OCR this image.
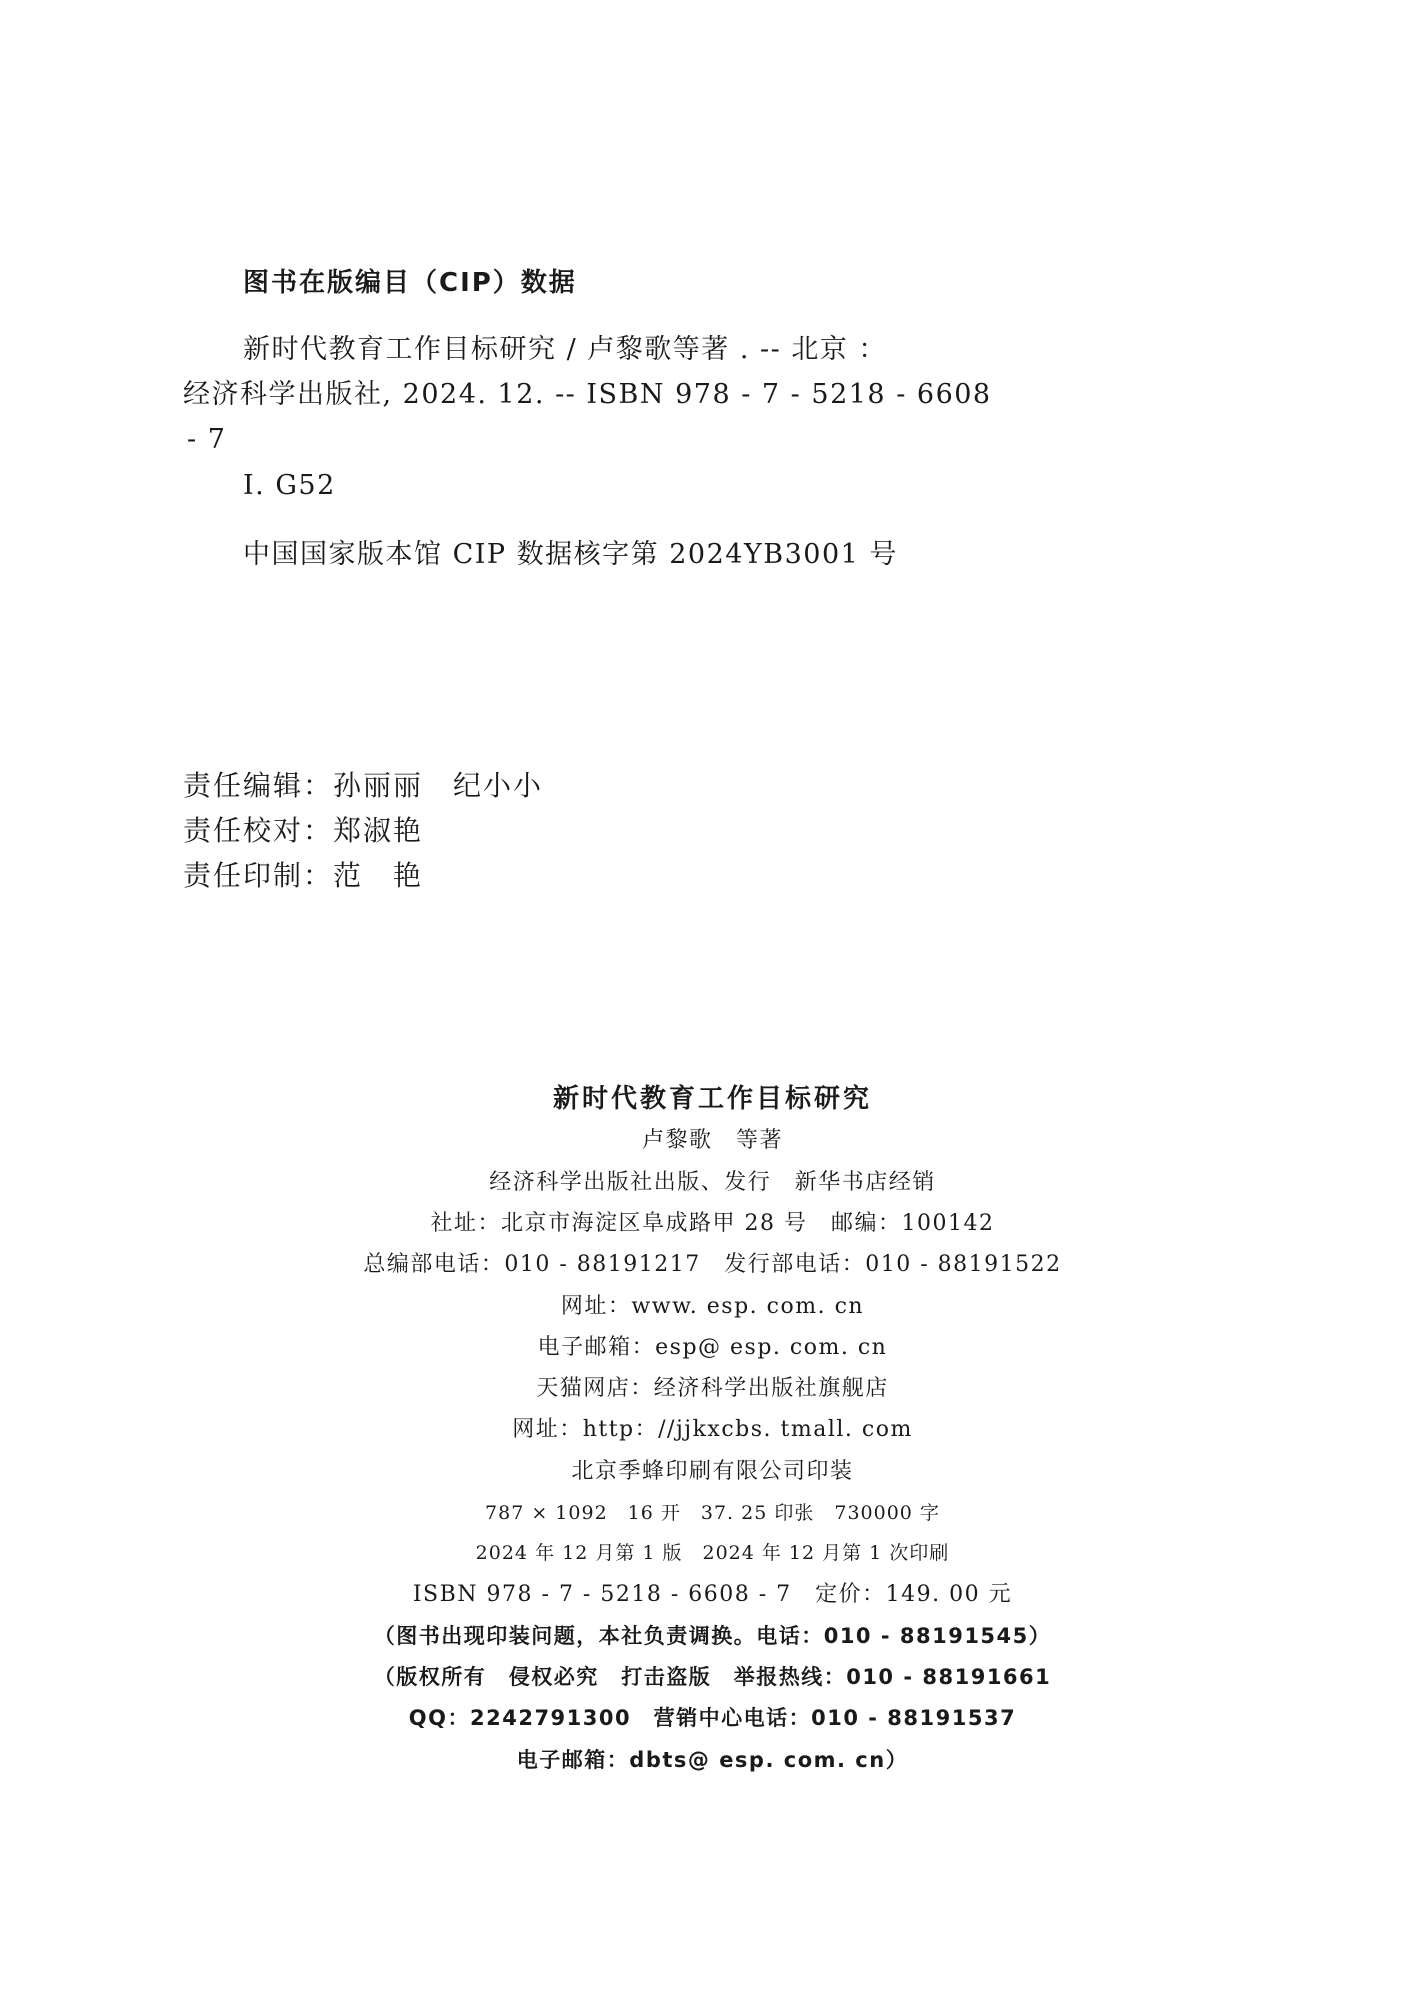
图书在版编目（CIP）数据
新时代教育工作目标研究 / 卢黎歌等著 . -- 北京 ：
经济科学出版社, 2024. 12. -- ISBN 978 - 7 - 5218 - 6608
- 7
Ⅰ. G52
中国国家版本馆 CIP 数据核字第 2024YB3001 号
责任编辑：孙丽丽　纪小小
责任校对：郑淑艳
责任印制：范　艳
新时代教育工作目标研究
卢黎歌　等著
经济科学出版社出版、发行　新华书店经销
社址：北京市海淀区阜成路甲 28 号　邮编：100142
总编部电话：010 - 88191217　发行部电话：010 - 88191522
网址：www. esp. com. cn
电子邮箱：esp@ esp. com. cn
天猫网店：经济科学出版社旗舰店
网址：http：//jjkxcbs. tmall. com
北京季蜂印刷有限公司印装
787 × 1092　16 开　37. 25 印张　730000 字
2024 年 12 月第 1 版　2024 年 12 月第 1 次印刷
ISBN 978 - 7 - 5218 - 6608 - 7　定价：149. 00 元
（图书出现印装问题，本社负责调换。电话：010 - 88191545）
（版权所有　侵权必究　打击盗版　举报热线：010 - 88191661
QQ：2242791300　营销中心电话：010 - 88191537
电子邮箱：dbts@ esp. com. cn）
